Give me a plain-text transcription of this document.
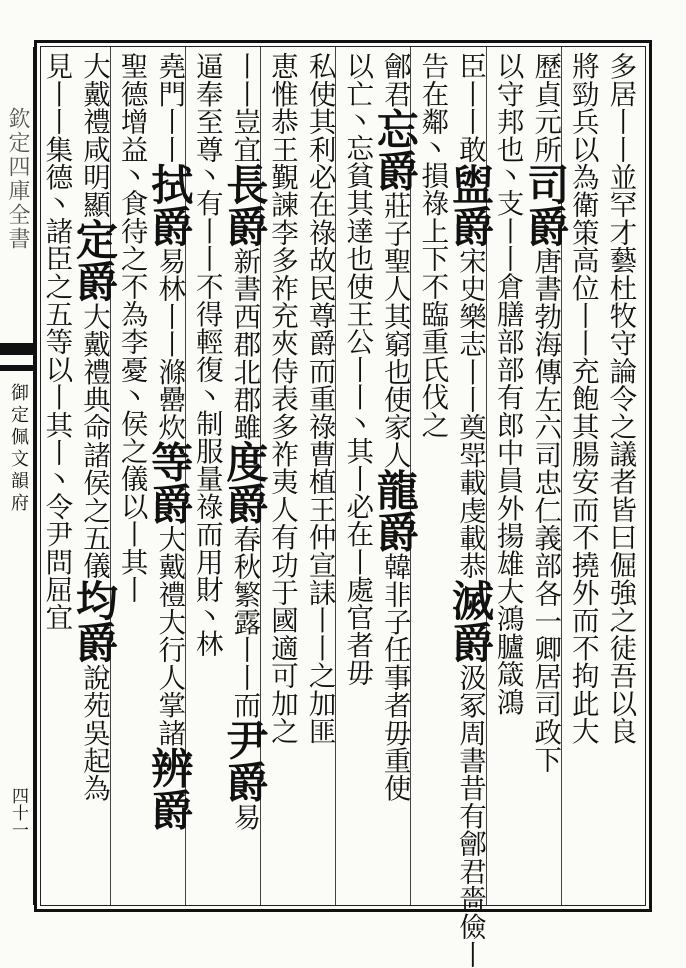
欽定四庫全書
御定佩文韻府
四十一
多居丨丨並罕才藝杜牧守論令之議者皆曰倔強之徒吾以良
將勁兵以為衛策高位丨丨充飽其腸安而不撓外而不拘此大
歷貞元所司爵唐書勃海傳左六司忠仁義部各一卿居司政下
以守邦也丶支丨丨倉膳部部有郎中員外揚雄大鴻臚箴鴻
臣丨丨敢盥爵宋史樂志丨丨奠斝載虔載恭滅爵汲冢周書昔有鄶君嗇儉丨
告在鄰丶損祿上下不臨重氏伐之
鄶君忘爵莊子聖人其窮也使家人龍爵韓非子任事者毋重使
以亡丶忘貧其達也使王公丨丨丶其丨必在丨處官者毋
私使其利必在祿故民尊爵而重祿曹植王仲宣誄丨丨之加匪
恵惟恭王覲諫李多祚充夾侍表多祚夷人有功于國適可加之
丨丨豈宜長爵新書西郡北郡雖度爵春秋繁露丨丨而尹爵易
逼奉至尊丶有丨丨不得輕復丶制服量祿而用財丶林
堯門丨丨拭爵易林丨丨滌罍炊等爵大戴禮大行人掌諸辨爵
聖德增益丶食待之不為李憂丶侯之儀以丨其丨
大戴禮咸明顯定爵大戴禮典命諸侯之五儀均爵說苑吳起為
見丨丨集德丶諸臣之五等以丨其丨丶令尹問屈宜
